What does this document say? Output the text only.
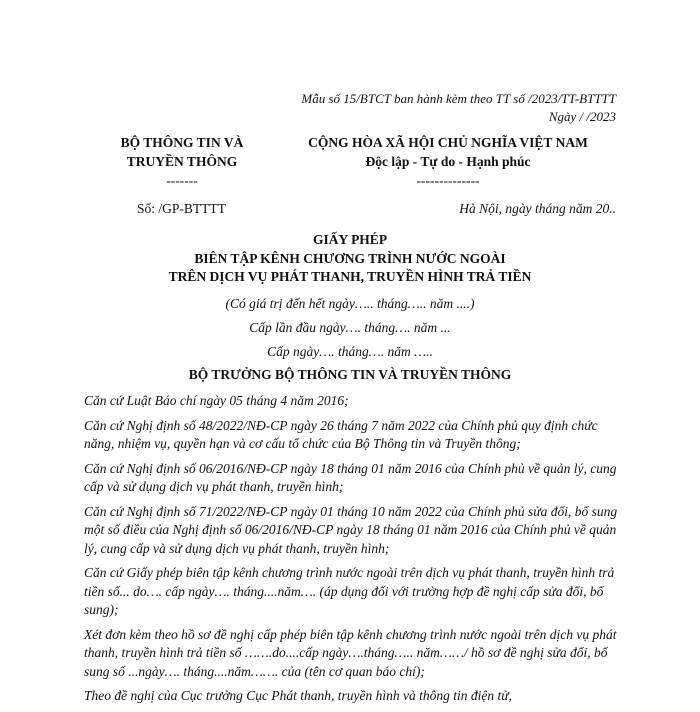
Mẫu số 15/BTCT ban hành kèm theo TT số /2023/TT-BTTTT
Ngày / /2023
BỘ THÔNG TIN VÀ
TRUYỀN THÔNG
-------
CỘNG HÒA XÃ HỘI CHỦ NGHĨA VIỆT NAM
Độc lập - Tự do - Hạnh phúc
--------------
Số: /GP-BTTTT	Hà Nội, ngày tháng năm 20..
GIẤY PHÉP
BIÊN TẬP KÊNH CHƯƠNG TRÌNH NƯỚC NGOÀI
TRÊN DỊCH VỤ PHÁT THANH, TRUYỀN HÌNH TRẢ TIỀN
(Có giá trị đến hết ngày….. tháng….. năm ....)
Cấp lần đầu ngày…. tháng…. năm ...
Cấp ngày…. tháng…. năm …..
BỘ TRƯỞNG BỘ THÔNG TIN VÀ TRUYỀN THÔNG

Căn cứ Luật Báo chí ngày 05 tháng 4 năm 2016;

Căn cứ Nghị định số 48/2022/NĐ-CP ngày 26 tháng 7 năm 2022 của Chính phủ quy định chức năng, nhiệm vụ, quyền hạn và cơ cấu tổ chức của Bộ Thông tin và Truyền thông;

Căn cứ Nghị định số 06/2016/NĐ-CP ngày 18 tháng 01 năm 2016 của Chính phủ về quản lý, cung cấp và sử dụng dịch vụ phát thanh, truyền hình;

Căn cứ Nghị định số 71/2022/NĐ-CP ngày 01 tháng 10 năm 2022 của Chính phủ sửa đổi, bổ sung một số điều của Nghị định số 06/2016/NĐ-CP ngày 18 tháng 01 năm 2016 của Chính phủ về quản lý, cung cấp và sử dụng dịch vụ phát thanh, truyền hình;

Căn cứ Giấy phép biên tập kênh chương trình nước ngoài trên dịch vụ phát thanh, truyền hình trả tiền số... do…. cấp ngày…. tháng....năm…. (áp dụng đối với trường hợp đề nghị cấp sửa đổi, bổ sung);

Xét đơn kèm theo hồ sơ đề nghị cấp phép biên tập kênh chương trình nước ngoài trên dịch vụ phát thanh, truyền hình trả tiền số …….do....cấp ngày….tháng….. năm……/ hồ sơ đề nghị sửa đổi, bổ sung số ...ngày…. tháng....năm……. của (tên cơ quan báo chí);

Theo đề nghị của Cục trưởng Cục Phát thanh, truyền hình và thông tin điện tử,
